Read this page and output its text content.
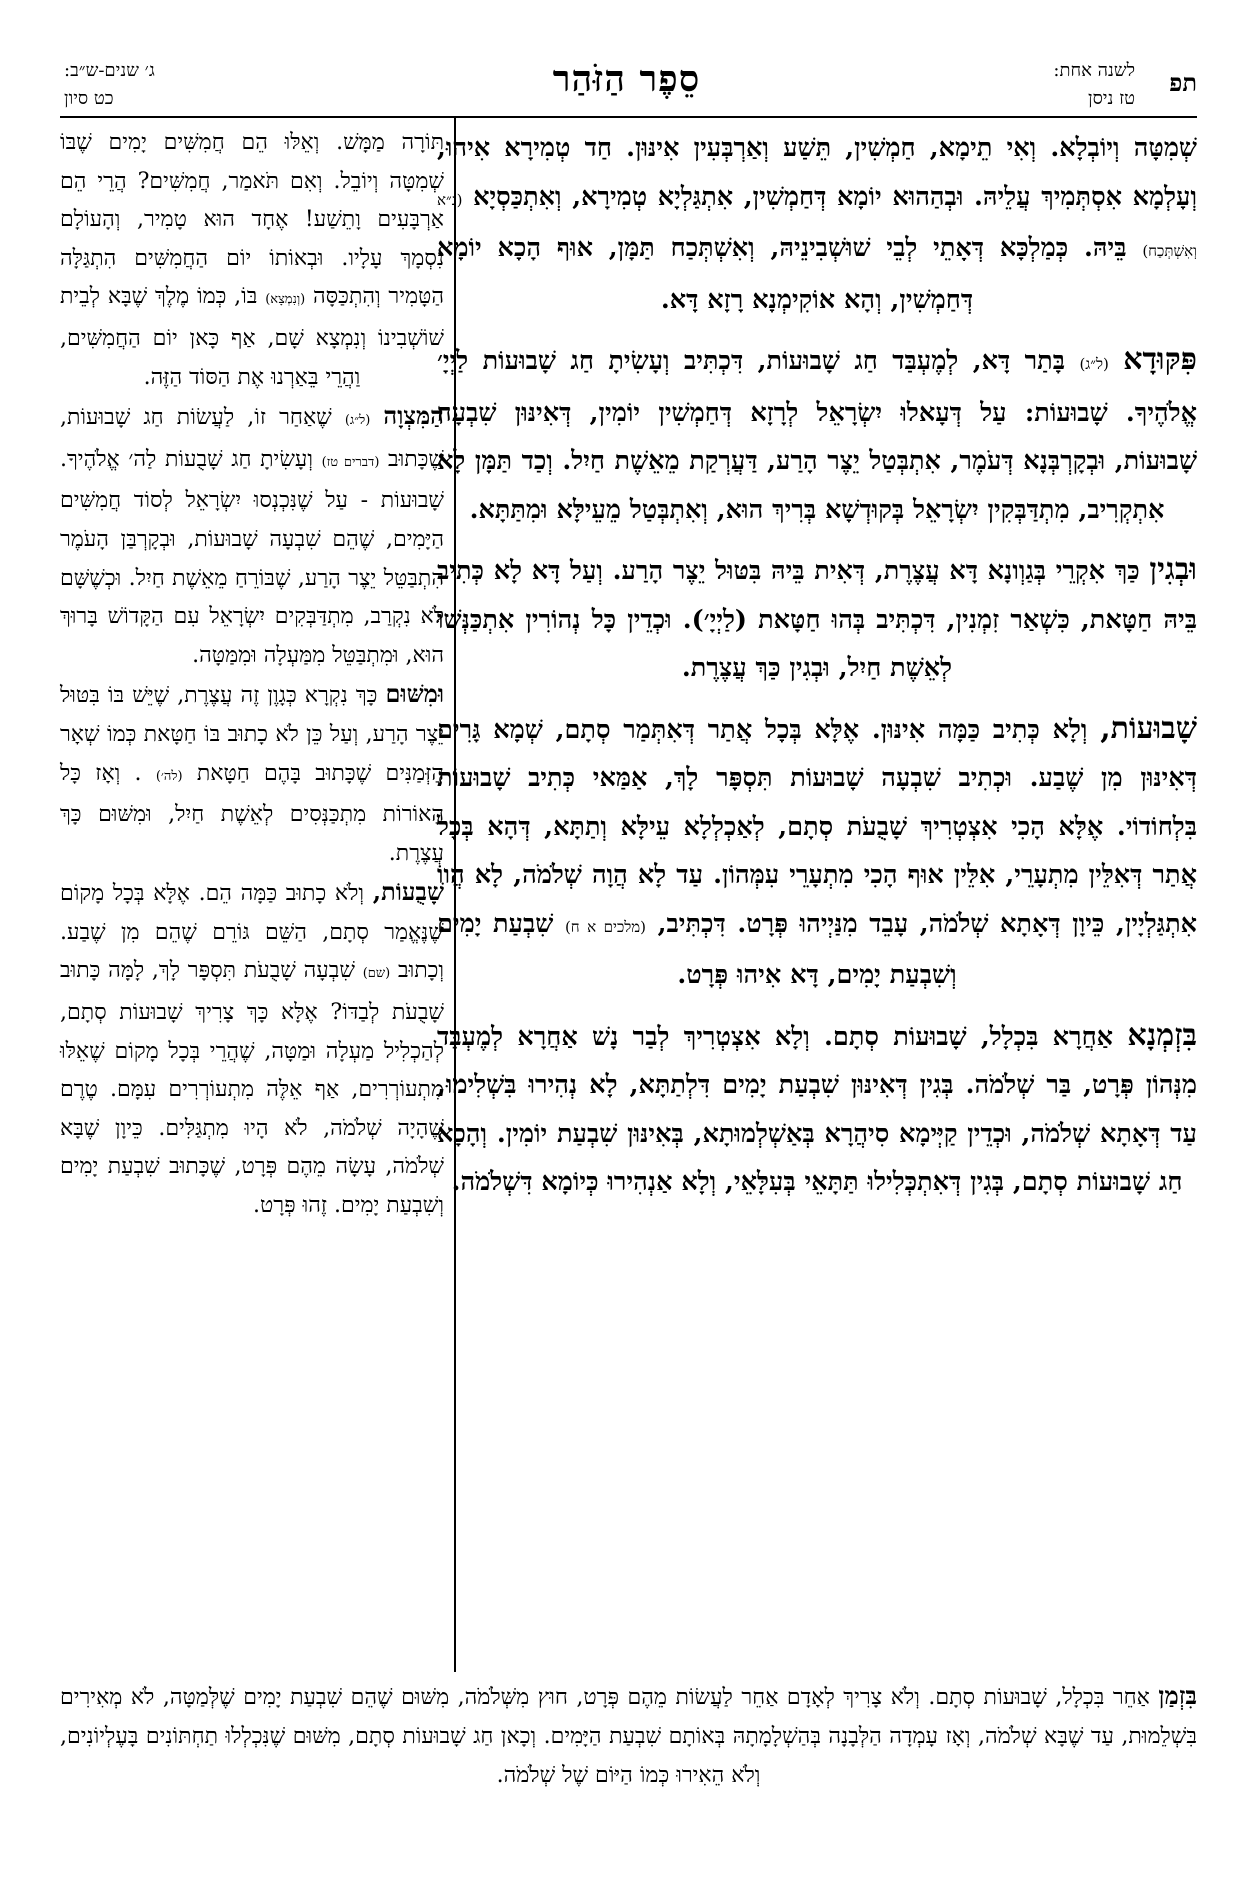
תפ
לשנה אחת:
טז ניסן
סֵפֶר הַזֹּהַר
ג׳ שנים-ש״ב:
כט סיון

שְׁמִטָּה וְיוֹבְלָא. וְאִי תֵימָא, חַמְשִׁין, תֵּשַׁע וְאַרְבְּעִין אִינּוּן. חַד טְמִירָא אִיהוּ, וְעָלְמָא אִסְתְּמִיךְ עֲלֵיהּ. וּבְהַהוּא יוֹמָא דְּחַמְשִׁין, אִתְגַּלְיָא טְמִירָא, וְאִתְכַּסְיָא (נ״א וְאִשְׁתְּכַח) בֵּיהּ. כְּמַלְכָּא דְּאָתֵי לְבֵי שׁוּשְׁבִינֵיהּ, וְאִשְׁתְּכַח תַּמָּן, אוּף הָכָא יוֹמָא דְּחַמְשִׁין, וְהָא אוֹקִימְנָא רָזָא דָּא.

פִּקּוּדָא (ל״ג) בָּתַר דָּא, לְמֶעְבַּד חַג שָׁבוּעוֹת, דִּכְתִּיב וְעָשִׂיתָ חַג שָׁבוּעוֹת לַיְיָ׳ אֱלֹהֶיךָ. שָׁבוּעוֹת: עַל דְּעָאלוּ יִשְׂרָאֵל לְרָזָא דְּחַמְשִׁין יוֹמִין, דְּאִינּוּן שִׁבְעָה שָׁבוּעוֹת, וּבְקָרְבְּנָא דְּעֹמֶר, אִתְבְּטַל יֵצֶר הָרַע, דַּעֲרְקַת מֵאֵשֶׁת חַיִל. וְכַד תַּמָּן לָא אִתְקְרִיב, מִתְדַּבְּקִין יִשְׂרָאֵל בְּקוּדְשָׁא בְּרִיךְ הוּא, וְאִתְבְּטַל מֵעֵילָּא וּמִתַּתָּא.

וּבְגִין כַּךְ אִקְרֵי בְּגַוְונָא דָּא עֲצֶרֶת, דְּאִית בֵּיהּ בִּטּוּל יֵצֶר הָרַע. וְעַל דָּא לָא כְּתִיב בֵּיהּ חַטָּאת, כִּשְׁאַר זִמְנִין, דִּכְתִּיב בְּהוּ חַטָּאת (לַיְיָ׳). וּכְדֵין כָּל נְהוֹרִין אִתְכַּנְּשׁוּ לְאֵשֶׁת חַיִל, וּבְגִין כַּךְ עֲצֶרֶת.

שָׁבוּעוֹת, וְלָא כְּתִיב כַּמָּה אִינּוּן. אֶלָּא בְּכָל אֲתַר דְּאִתְּמַר סְתָם, שְׁמָא גָּרִים דְּאִינּוּן מִן שֶׁבַע. וּכְתִיב שִׁבְעָה שָׁבוּעוֹת תִּסְפָּר לָךְ, אַמַּאי כְּתִיב שָׁבוּעוֹת בִּלְחוֹדוֹי. אֶלָּא הָכִי אִצְטְרִיךְ שָׁבֻעֹת סְתָם, לְאַכְלְלָא עֵילָּא וְתַתָּא, דְּהָא בְּכָל אֲתַר דְּאִלֵּין מִתְעָרֵי, אִלֵּין אוּף הָכִי מִתְעָרֵי עִמְּהוֹן. עַד לָא הֲוָה שְׁלֹמֹה, לָא הֲווֹ אִתְגַּלְיָין, כֵּיוָן דְּאָתָא שְׁלֹמֹה, עָבֵד מִנַּיְיהוּ פְּרָט. דִּכְתִּיב, (מלכים א ח) שִׁבְעַת יָמִים וְשִׁבְעַת יָמִים, דָּא אִיהוּ פְּרָט.

בִּזְמְנָא אַחֲרָא בִּכְלָל, שָׁבוּעוֹת סְתָם. וְלָא אִצְטְרִיךְ לְבַר נָשׁ אַחֲרָא לְמֶעְבַּד מִנְּהוֹן פְּרָט, בַּר שְׁלֹמֹה. בְּגִין דְּאִינּוּן שִׁבְעַת יָמִים דִּלְתַתָּא, לָא נְהִירוּ בִּשְׁלִימוּ, עַד דְּאָתָא שְׁלֹמֹה, וּכְדֵין קַיְּימָא סִיהֲרָא בְּאַשְׁלְמוּתָא, בְּאִינּוּן שִׁבְעַת יוֹמִין. וְהָכָא חַג שָׁבוּעוֹת סְתָם, בְּגִין דְּאִתְכְּלִילוּ תַּתָּאֵי בְּעִלָּאֵי, וְלָא אַנְהִירוּ כְּיוֹמָא דִּשְׁלֹמֹה.

תּוֹרָה מַמָּשׁ. וְאֵלּוּ הֵם חֲמִשִּׁים יָמִים שֶׁבּוֹ שְׁמִטָּה וְיוֹבֵל. וְאִם תֹּאמַר, חֲמִשִּׁים? הֲרֵי הֵם אַרְבָּעִים וָתֵשַׁע! אֶחָד הוּא טָמִיר, וְהָעוֹלָם נִסְמָךְ עָלָיו. וּבְאוֹתוֹ יוֹם הַחֲמִשִּׁים הִתְגַּלָּה הַטָּמִיר וְהִתְכַּסָּה (וְנִמְצָא) בּוֹ, כְּמוֹ מֶלֶךְ שֶׁבָּא לְבֵית שׁוֹשְׁבִינוֹ וְנִמְצָא שָׁם, אַף כָּאן יוֹם הַחֲמִשִּׁים, וַהֲרֵי בֵּאַרְנוּ אֶת הַסּוֹד הַזֶּה.

הַמִּצְוָה (ל״ג) שֶׁאַחַר זוֹ, לַעֲשׂוֹת חַג שָׁבוּעוֹת, שֶׁכָּתוּב (דברים טז) וְעָשִׂיתָ חַג שָׁבֻעוֹת לַה׳ אֱלֹהֶיךָ. שָׁבוּעוֹת - עַל שֶׁנִּכְנְסוּ יִשְׂרָאֵל לְסוֹד חֲמִשִּׁים הַיָּמִים, שֶׁהֵם שִׁבְעָה שָׁבוּעוֹת, וּבְקָרְבַּן הָעֹמֶר הִתְבַּטֵּל יֵצֶר הָרַע, שֶׁבּוֹרֵחַ מֵאֵשֶׁת חַיִל. וּכְשֶׁשָּׁם לֹא נִקְרַב, מִתְדַּבְּקִים יִשְׂרָאֵל עִם הַקָּדוֹשׁ בָּרוּךְ הוּא, וּמִתְבַּטֵּל מִמַּעְלָה וּמִמַּטָּה.

וּמִשּׁוּם כָּךְ נִקְרָא כְּגָוֶן זֶה עֲצֶרֶת, שֶׁיֵּשׁ בּוֹ בִּטּוּל יֵצֶר הָרַע, וְעַל כֵּן לֹא כָתוּב בּוֹ חַטָּאת כְּמוֹ שְׁאָר הַזְּמַנִּים שֶׁכָּתוּב בָּהֶם חַטָּאת (לה׳) . וְאָז כָּל הָאוֹרוֹת מִתְכַּנְּסִים לְאֵשֶׁת חַיִל, וּמִשּׁוּם כָּךְ עֲצֶרֶת.

שָׁבֻעוֹת, וְלֹא כָתוּב כַּמָּה הֵם. אֶלָּא בְּכָל מָקוֹם שֶׁנֶּאֱמַר סְתָם, הַשֵּׁם גּוֹרֵם שֶׁהֵם מִן שֶׁבַע. וְכָתוּב (שם) שִׁבְעָה שָׁבֻעֹת תִּסְפָּר לָךְ, לָמָּה כָּתוּב שָׁבֻעֹת לְבַדּוֹ? אֶלָּא כָּךְ צָרִיךְ שָׁבוּעוֹת סְתָם, לְהַכְלִיל מַעְלָה וּמַטָּה, שֶׁהֲרֵי בְּכָל מָקוֹם שֶׁאֵלּוּ מִתְעוֹרְרִים, אַף אֵלֶּה מִתְעוֹרְרִים עִמָּם. טֶרֶם שֶׁהָיָה שְׁלֹמֹה, לֹא הָיוּ מִתְגַּלִּים. כֵּיוָן שֶׁבָּא שְׁלֹמֹה, עָשָׂה מֵהֶם פְּרָט, שֶׁכָּתוּב שִׁבְעַת יָמִים וְשִׁבְעַת יָמִים. זֶהוּ פְּרָט.

בִּזְמַן אַחֵר בִּכְלָל, שָׁבוּעוֹת סְתָם. וְלֹא צָרִיךְ לְאָדָם אַחֵר לַעֲשׂוֹת מֵהֶם פְּרָט, חוּץ מִשְּׁלֹמֹה, מִשּׁוּם שֶׁהֵם שִׁבְעַת יָמִים שֶׁלְּמַטָּה, לֹא מְאִירִים בִּשְׁלֵמוּת, עַד שֶׁבָּא שְׁלֹמֹה, וְאָז עָמְדָה הַלְּבָנָה בְּהַשְׁלָמָתָהּ בְּאוֹתָם שִׁבְעַת הַיָּמִים. וְכָאן חַג שָׁבוּעוֹת סְתָם, מִשּׁוּם שֶׁנִּכְלְלוּ תַחְתּוֹנִים בָּעֶלְיוֹנִים, וְלֹא הֵאִירוּ כְּמוֹ הַיּוֹם שֶׁל שְׁלֹמֹה.
